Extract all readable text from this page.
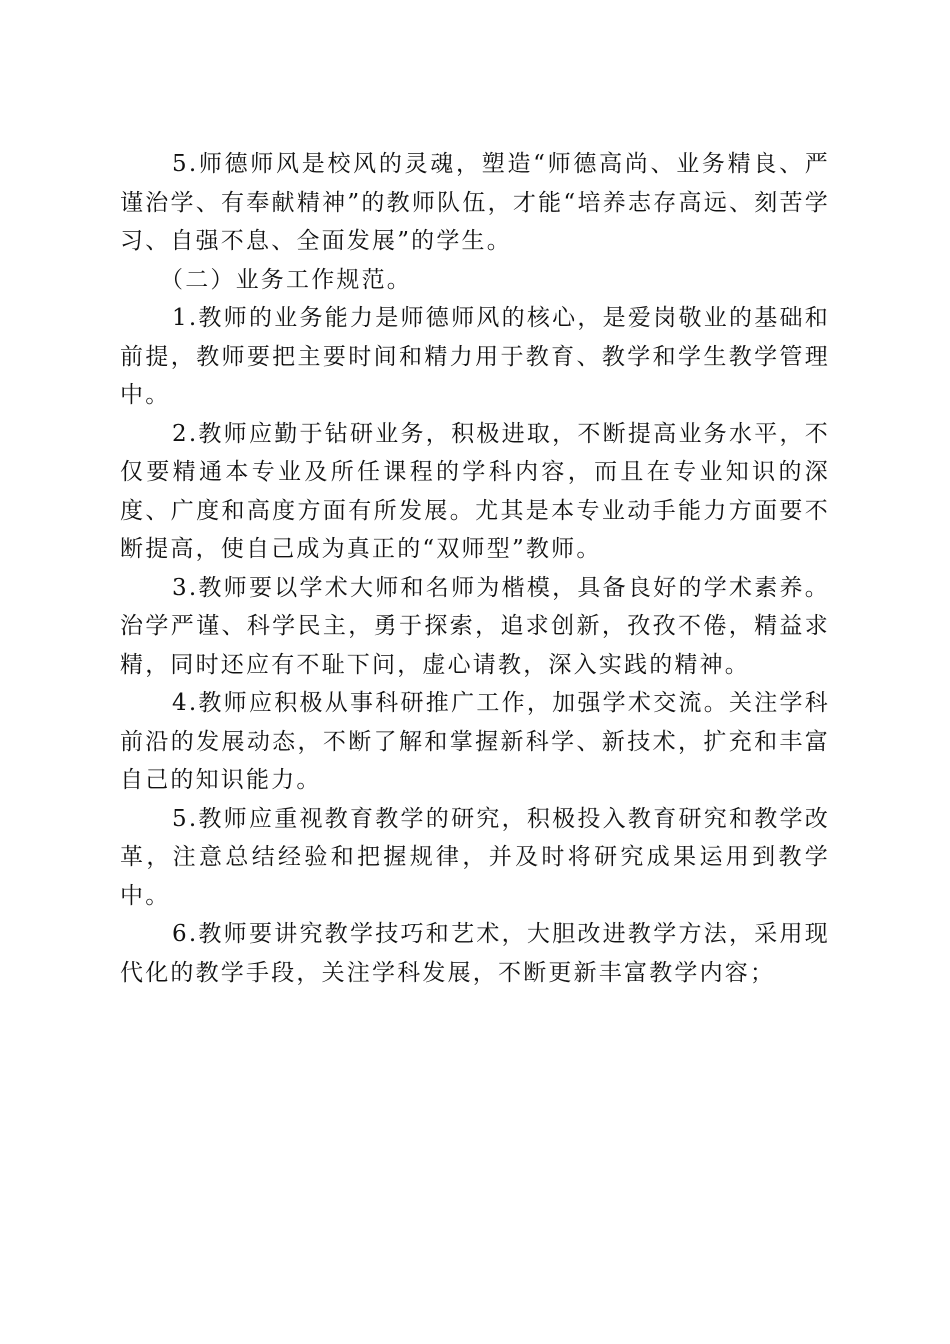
5.师德师风是校风的灵魂，塑造“师德高尚、业务精良、严谨治学、有奉献精神”的教师队伍，才能“培养志存高远、刻苦学习、自强不息、全面发展”的学生。

（二）业务工作规范。

1.教师的业务能力是师德师风的核心，是爱岗敬业的基础和前提，教师要把主要时间和精力用于教育、教学和学生教学管理中。

2.教师应勤于钻研业务，积极进取，不断提高业务水平，不仅要精通本专业及所任课程的学科内容，而且在专业知识的深度、广度和高度方面有所发展。尤其是本专业动手能力方面要不断提高，使自己成为真正的“双师型”教师。

3.教师要以学术大师和名师为楷模，具备良好的学术素养。治学严谨、科学民主，勇于探索，追求创新，孜孜不倦，精益求精，同时还应有不耻下问，虚心请教，深入实践的精神。

4.教师应积极从事科研推广工作，加强学术交流。关注学科前沿的发展动态，不断了解和掌握新科学、新技术，扩充和丰富自己的知识能力。

5.教师应重视教育教学的研究，积极投入教育研究和教学改革，注意总结经验和把握规律，并及时将研究成果运用到教学中。

6.教师要讲究教学技巧和艺术，大胆改进教学方法，采用现代化的教学手段，关注学科发展，不断更新丰富教学内容；
